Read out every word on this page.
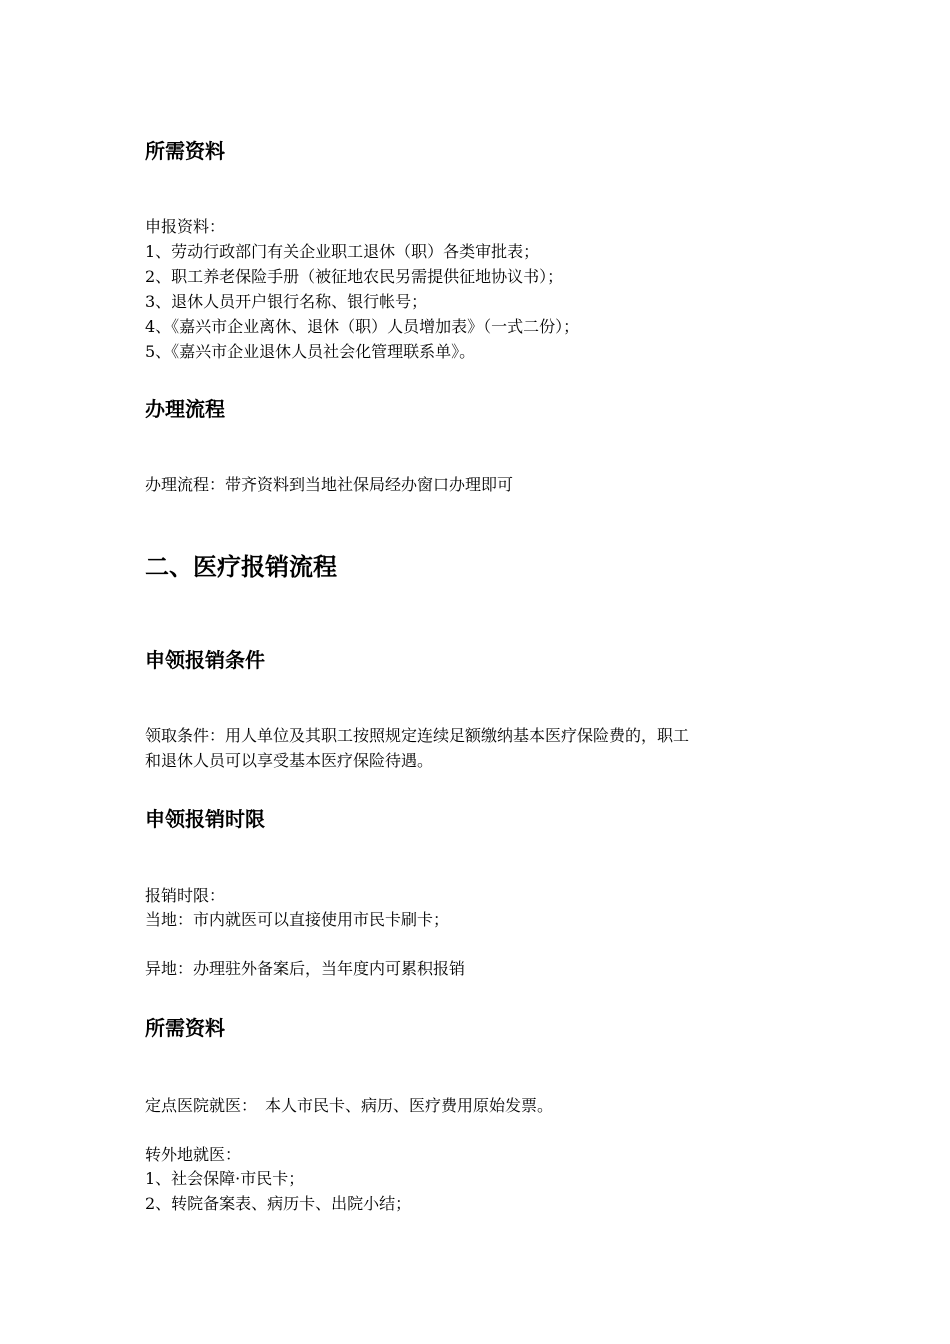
所需资料

申报资料：

1、劳动行政部门有关企业职工退休（职）各类审批表；

2、职工养老保险手册（被征地农民另需提供征地协议书）；

3、退休人员开户银行名称、银行帐号；

4、《嘉兴市企业离休、退休（职）人员增加表》（一式二份）；

5、《嘉兴市企业退休人员社会化管理联系单》。

办理流程

办理流程：带齐资料到当地社保局经办窗口办理即可

二、医疗报销流程
申领报销条件

领取条件：用人单位及其职工按照规定连续足额缴纳基本医疗保险费的，职工

和退休人员可以享受基本医疗保险待遇。

申领报销时限

报销时限：

当地：市内就医可以直接使用市民卡刷卡；

异地：办理驻外备案后，当年度内可累积报销

所需资料

定点医院就医：　本人市民卡、病历、医疗费用原始发票。

转外地就医：

1、社会保障·市民卡；

2、转院备案表、病历卡、出院小结；
